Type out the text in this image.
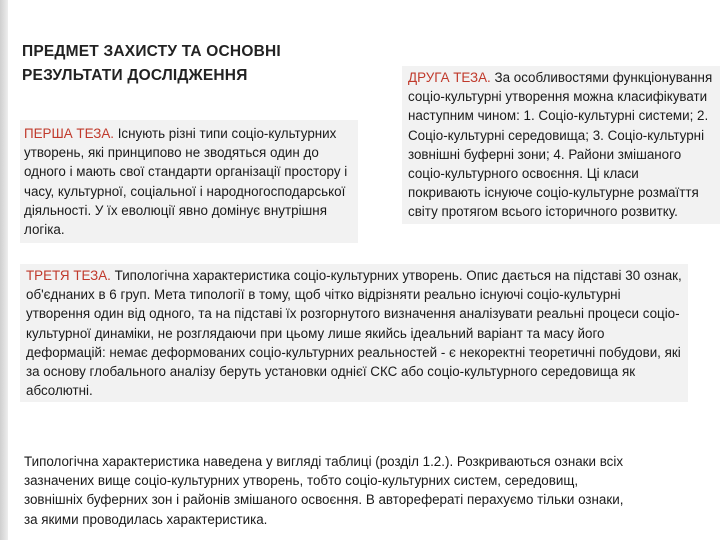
ПРЕДМЕТ ЗАХИСТУ ТА ОСНОВНІ РЕЗУЛЬТАТИ ДОСЛІДЖЕННЯ
ПЕРША ТЕЗА. Існують різні типи соціо-культурних утворень, які принципово не зводяться один до одного і мають свої стандарти організації простору і часу, культурної, соціальної і народногосподарської діяльності. У їх еволюції явно домінує внутрішня логіка.
ДРУГА ТЕЗА. За особливостями функціонування соціо-культурні утворення можна класифікувати наступним чином: 1. Соціо-культурні системи; 2. Соціо-культурні середовища; 3. Соціо-культурні зовнішні буферні зони; 4. Райони змішаного соціо-культурного освоєння. Ці класи покривають існуюче соціо-культурне розмаїття світу протягом всього історичного розвитку.
ТРЕТЯ ТЕЗА. Типологічна характеристика соціо-культурних утворень. Опис дається на підставі 30 ознак, об'єднаних в 6 груп. Мета типології в тому, щоб чітко відрізняти реально існуючі соціо-культурні утворення один від одного, та на підставі їх розгорнутого визначення аналізувати реальні процеси соціо-культурної динаміки, не розглядаючи при цьому лише якийсь ідеальний варіант та масу його деформацій: немає деформованих соціо-культурних реальностей - є некоректні теоретичні побудови, які за основу глобального аналізу беруть установки однієї СКС або соціо-культурного середовища як абсолютні.
Типологічна характеристика наведена у вигляді таблиці (розділ 1.2.). Розкриваються ознаки всіх зазначених вище соціо-культурних утворень, тобто соціо-культурних систем, середовищ, зовнішніх буферних зон і районів змішаного освоєння. В авторефераті перахуємо тільки ознаки, за якими проводилась характеристика.
